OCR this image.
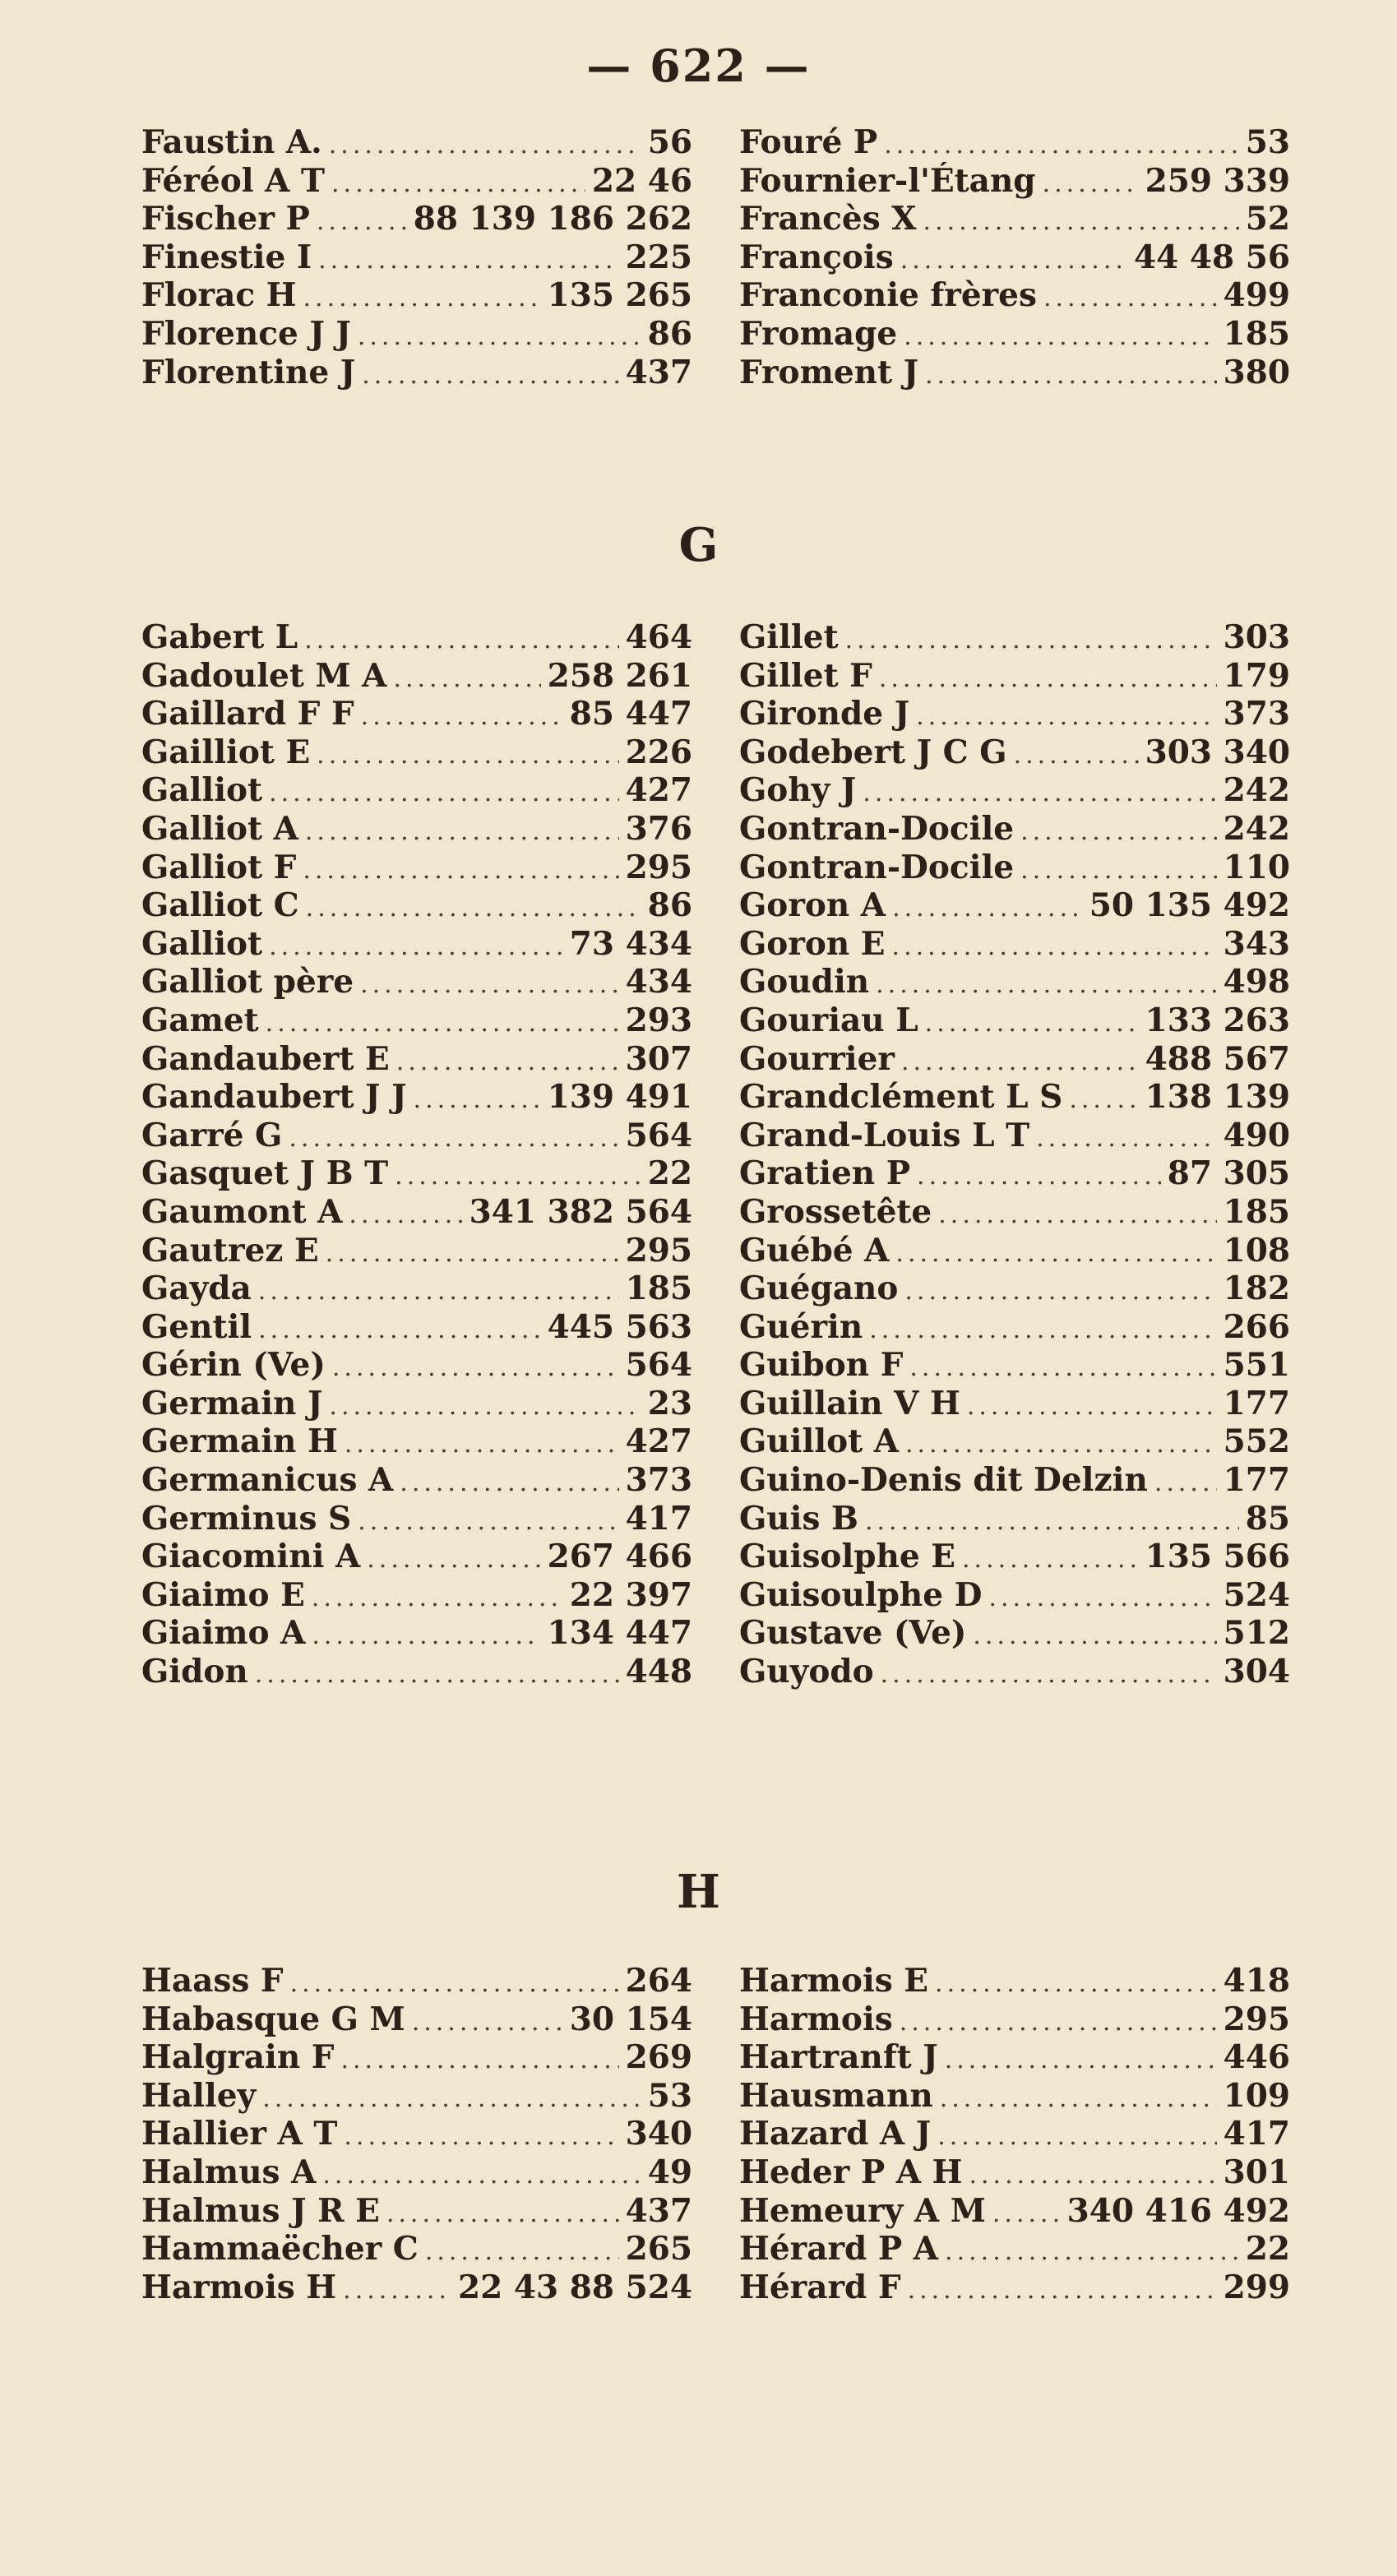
— 622 —
Faustin A. .....	56
Féréol A T .....	22 46
Fischer P .....	88 139 186 262
Finestie I .....	225
Florac H .....	135 265
Florence J J .....	86
Florentine J .....	437
Fouré P .....	53
Fournier-l'Étang .....	259 339
Francès X .....	52
François .....	44 48 56
Franconie frères .....	499
Fromage .....	185
Froment J .....	380
G
Gabert L .....	464
Gadoulet M A .....	258 261
Gaillard F F .....	85 447
Gailliot E .....	226
Galliot .....	427
Galliot A .....	376
Galliot F .....	295
Galliot C .....	86
Galliot .....	73 434
Galliot père .....	434
Gamet .....	293
Gandaubert E .....	307
Gandaubert J J .....	139 491
Garré G .....	564
Gasquet J B T .....	22
Gaumont A .....	341 382 564
Gautrez E .....	295
Gayda .....	185
Gentil .....	445 563
Gérin (Ve) .....	564
Germain J .....	23
Germain H .....	427
Germanicus A .....	373
Germinus S .....	417
Giacomini A .....	267 466
Giaimo E .....	22 397
Giaimo A .....	134 447
Gidon .....	448
Gillet .....	303
Gillet F .....	179
Gironde J .....	373
Godebert J C G .....	303 340
Gohy J .....	242
Gontran-Docile .....	242
Gontran-Docile .....	110
Goron A .....	50 135 492
Goron E .....	343
Goudin .....	498
Gouriau L .....	133 263
Gourrier .....	488 567
Grandclément L S .....	138 139
Grand-Louis L T .....	490
Gratien P .....	87 305
Grossetête .....	185
Guébé A .....	108
Guégano .....	182
Guérin .....	266
Guibon F .....	551
Guillain V H .....	177
Guillot A .....	552
Guino-Denis dit Delzin ..... 177
Guis B .....	85
Guisolphe E .....	135 566
Guisoulphe D .....	524
Gustave (Ve) .....	512
Guyodo .....	304
H
Haass F .....	264
Habasque G M .....	30 154
Halgrain F .....	269
Halley .....	53
Hallier A T .....	340
Halmus A .....	49
Halmus J R E .....	437
Hammaëcher C .....	265
Harmois H .....	22 43 88 524
Harmois E .....	418
Harmois .....	295
Hartranft J .....	446
Hausmann .....	109
Hazard A J .....	417
Heder P A H .....	301
Hemeury A M .....	340 416 492
Hérard P A .....	22
Hérard F .....	299
